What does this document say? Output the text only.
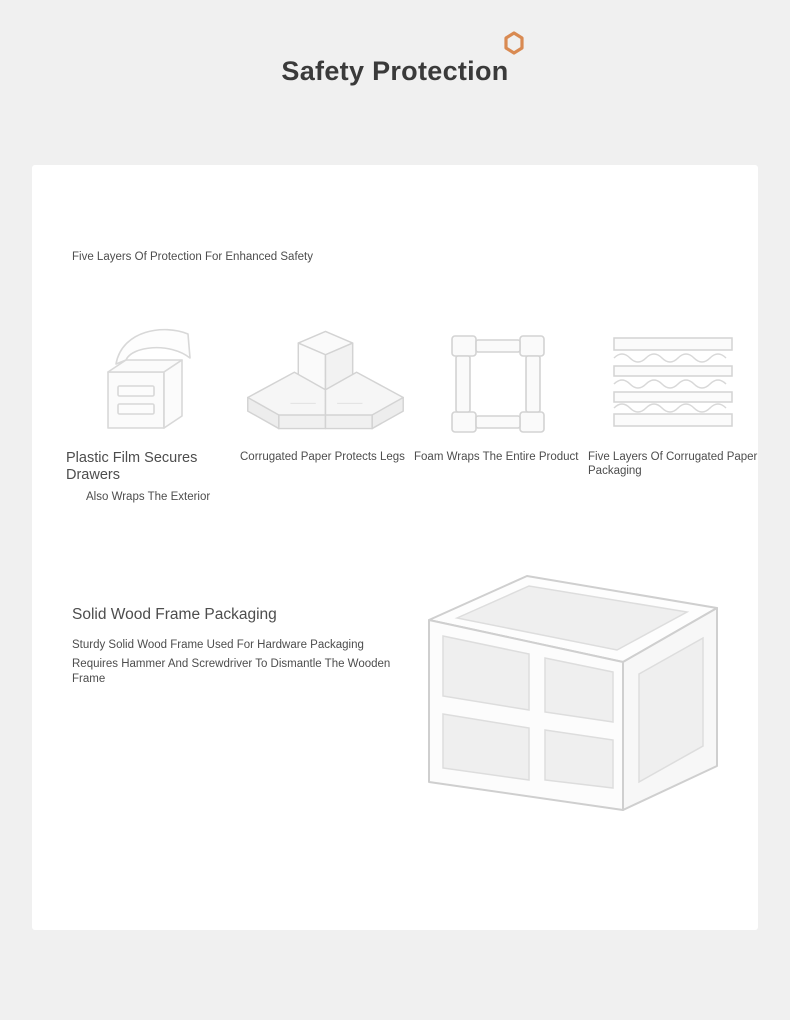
Safety Protection
Five Layers Of Protection For Enhanced Safety
Plastic Film Secures Drawers
Also Wraps The Exterior
Corrugated Paper Protects Legs Foam Wraps The Entire Product Five Layers Of Corrugated Paper Packaging
Solid Wood Frame Packaging

Sturdy Solid Wood Frame Used For Hardware Packaging

Requires Hammer And Screwdriver To Dismantle The Wooden Frame
